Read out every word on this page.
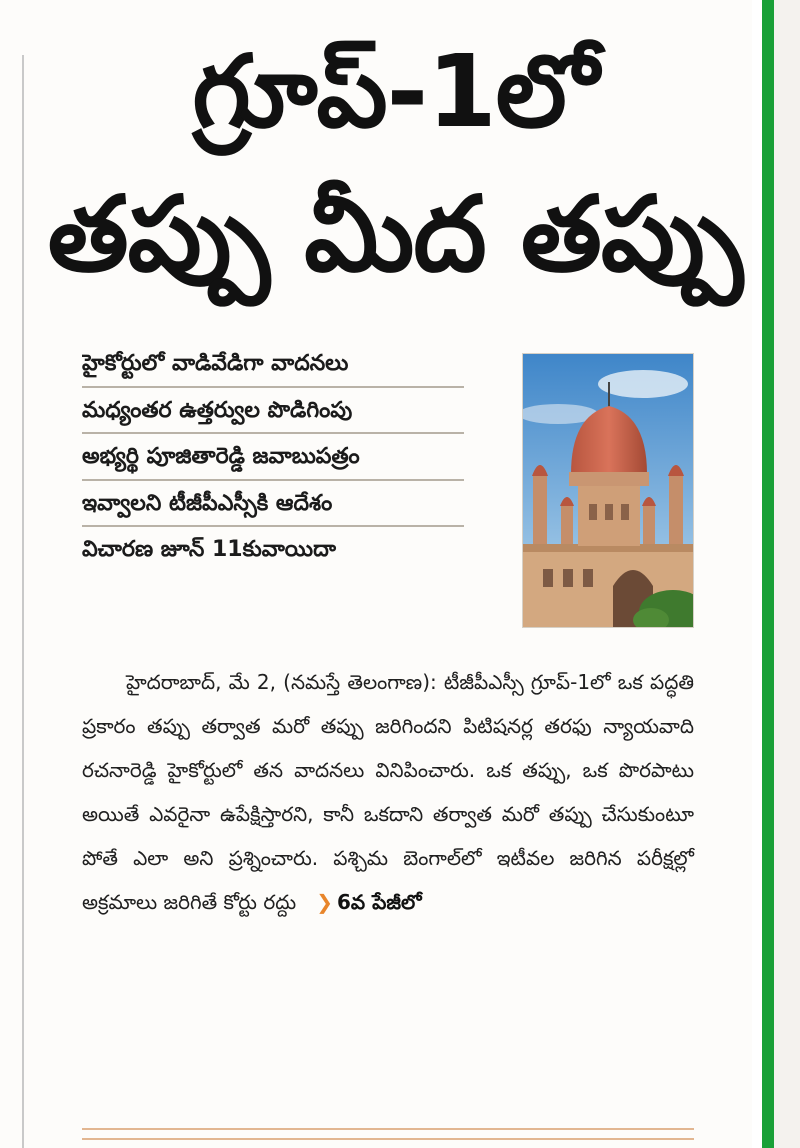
గ్రూప్‌-1లో
తప్పు మీద తప్పు
హైకోర్టులో వాడివేడిగా వాదనలు
మధ్యంతర ఉత్తర్వుల పొడిగింపు
అభ్యర్థి పూజితారెడ్డి జవాబుపత్రం
ఇవ్వాలని టీజీపీఎస్సీకి ఆదేశం
విచారణ జూన్‌ 11కువాయిదా

హైదరాబాద్‌, మే 2, (నమస్తే తెలంగాణ): టీజీపీఎస్సీ గ్రూప్‌-1లో ఒక పద్ధతి ప్రకారం తప్పు తర్వాత మరో తప్పు జరిగిందని పిటిషనర్ల తరఫు న్యాయవాది రచనారెడ్డి హైకోర్టులో తన వాదనలు వినిపించారు. ఒక తప్పు, ఒక పొరపాటు అయితే ఎవరైనా ఉపేక్షిస్తారని, కానీ ఒకదాని తర్వాత మరో తప్పు చేసుకుంటూ పోతే ఎలా అని ప్రశ్నించారు. పశ్చిమ బెంగాల్‌లో ఇటీవల జరిగిన పరీక్షల్లో అక్రమాలు జరిగితే కోర్టు రద్దు ❯ 6వ పేజీలో
